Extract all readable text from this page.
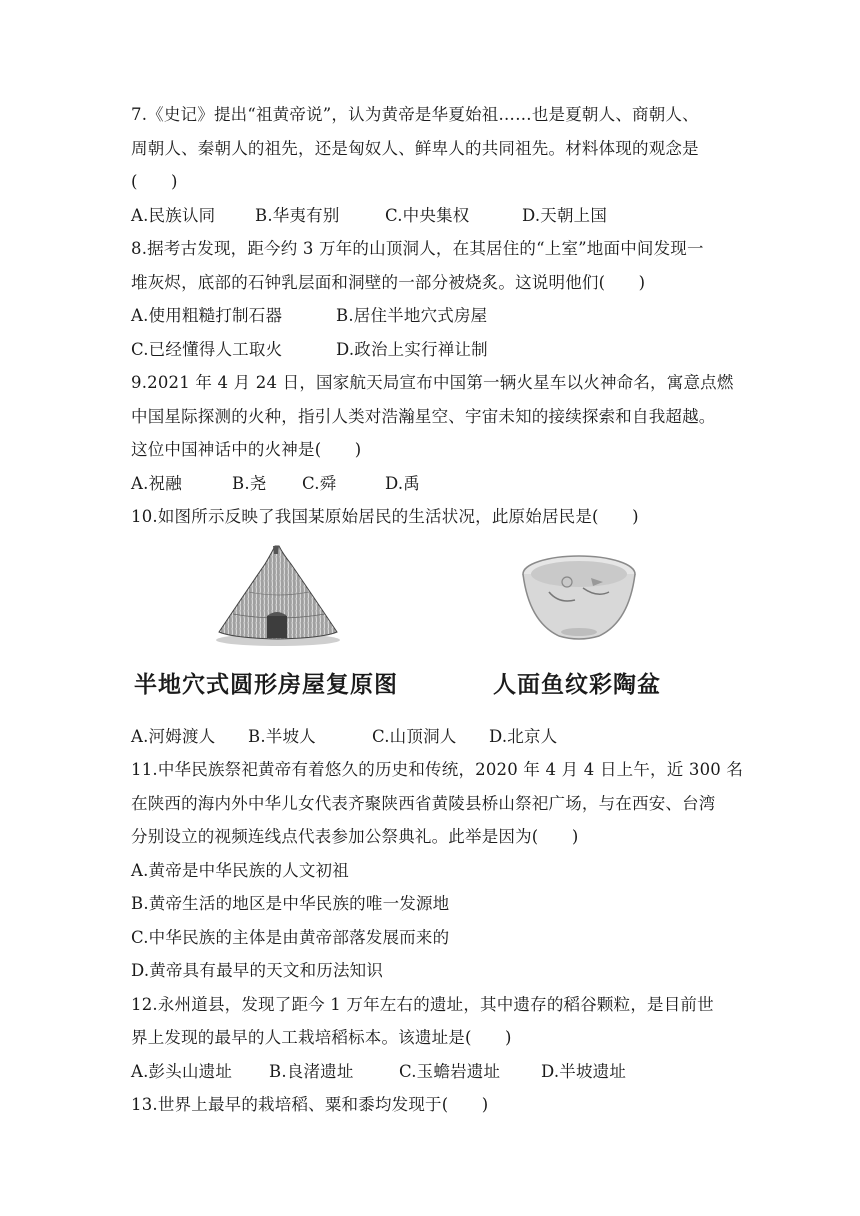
7.《史记》提出“祖黄帝说”，认为黄帝是华夏始祖……也是夏朝人、商朝人、
周朝人、秦朝人的祖先，还是匈奴人、鲜卑人的共同祖先。材料体现的观念是
(　　)
A.民族认同	B.华夷有别	C.中央集权	D.天朝上国
8.据考古发现，距今约 3 万年的山顶洞人，在其居住的“上室”地面中间发现一
堆灰烬，底部的石钟乳层面和洞壁的一部分被烧炙。这说明他们(　　)
A.使用粗糙打制石器	B.居住半地穴式房屋
C.已经懂得人工取火	D.政治上实行禅让制
9.2021 年 4 月 24 日，国家航天局宣布中国第一辆火星车以火神命名，寓意点燃
中国星际探测的火种，指引人类对浩瀚星空、宇宙未知的接续探索和自我超越。
这位中国神话中的火神是(　　)
A.祝融	B.尧	C.舜	D.禹
10.如图所示反映了我国某原始居民的生活状况，此原始居民是(　　)
半地穴式圆形房屋复原图	人面鱼纹彩陶盆
A.河姆渡人	B.半坡人	C.山顶洞人	D.北京人
11.中华民族祭祀黄帝有着悠久的历史和传统，2020 年 4 月 4 日上午，近 300 名
在陕西的海内外中华儿女代表齐聚陕西省黄陵县桥山祭祀广场，与在西安、台湾
分别设立的视频连线点代表参加公祭典礼。此举是因为(　　)
A.黄帝是中华民族的人文初祖
B.黄帝生活的地区是中华民族的唯一发源地
C.中华民族的主体是由黄帝部落发展而来的
D.黄帝具有最早的天文和历法知识
12.永州道县，发现了距今 1 万年左右的遗址，其中遗存的稻谷颗粒，是目前世
界上发现的最早的人工栽培稻标本。该遗址是(　　)
A.彭头山遗址	B.良渚遗址	C.玉蟾岩遗址	D.半坡遗址
13.世界上最早的栽培稻、粟和黍均发现于(　　)
